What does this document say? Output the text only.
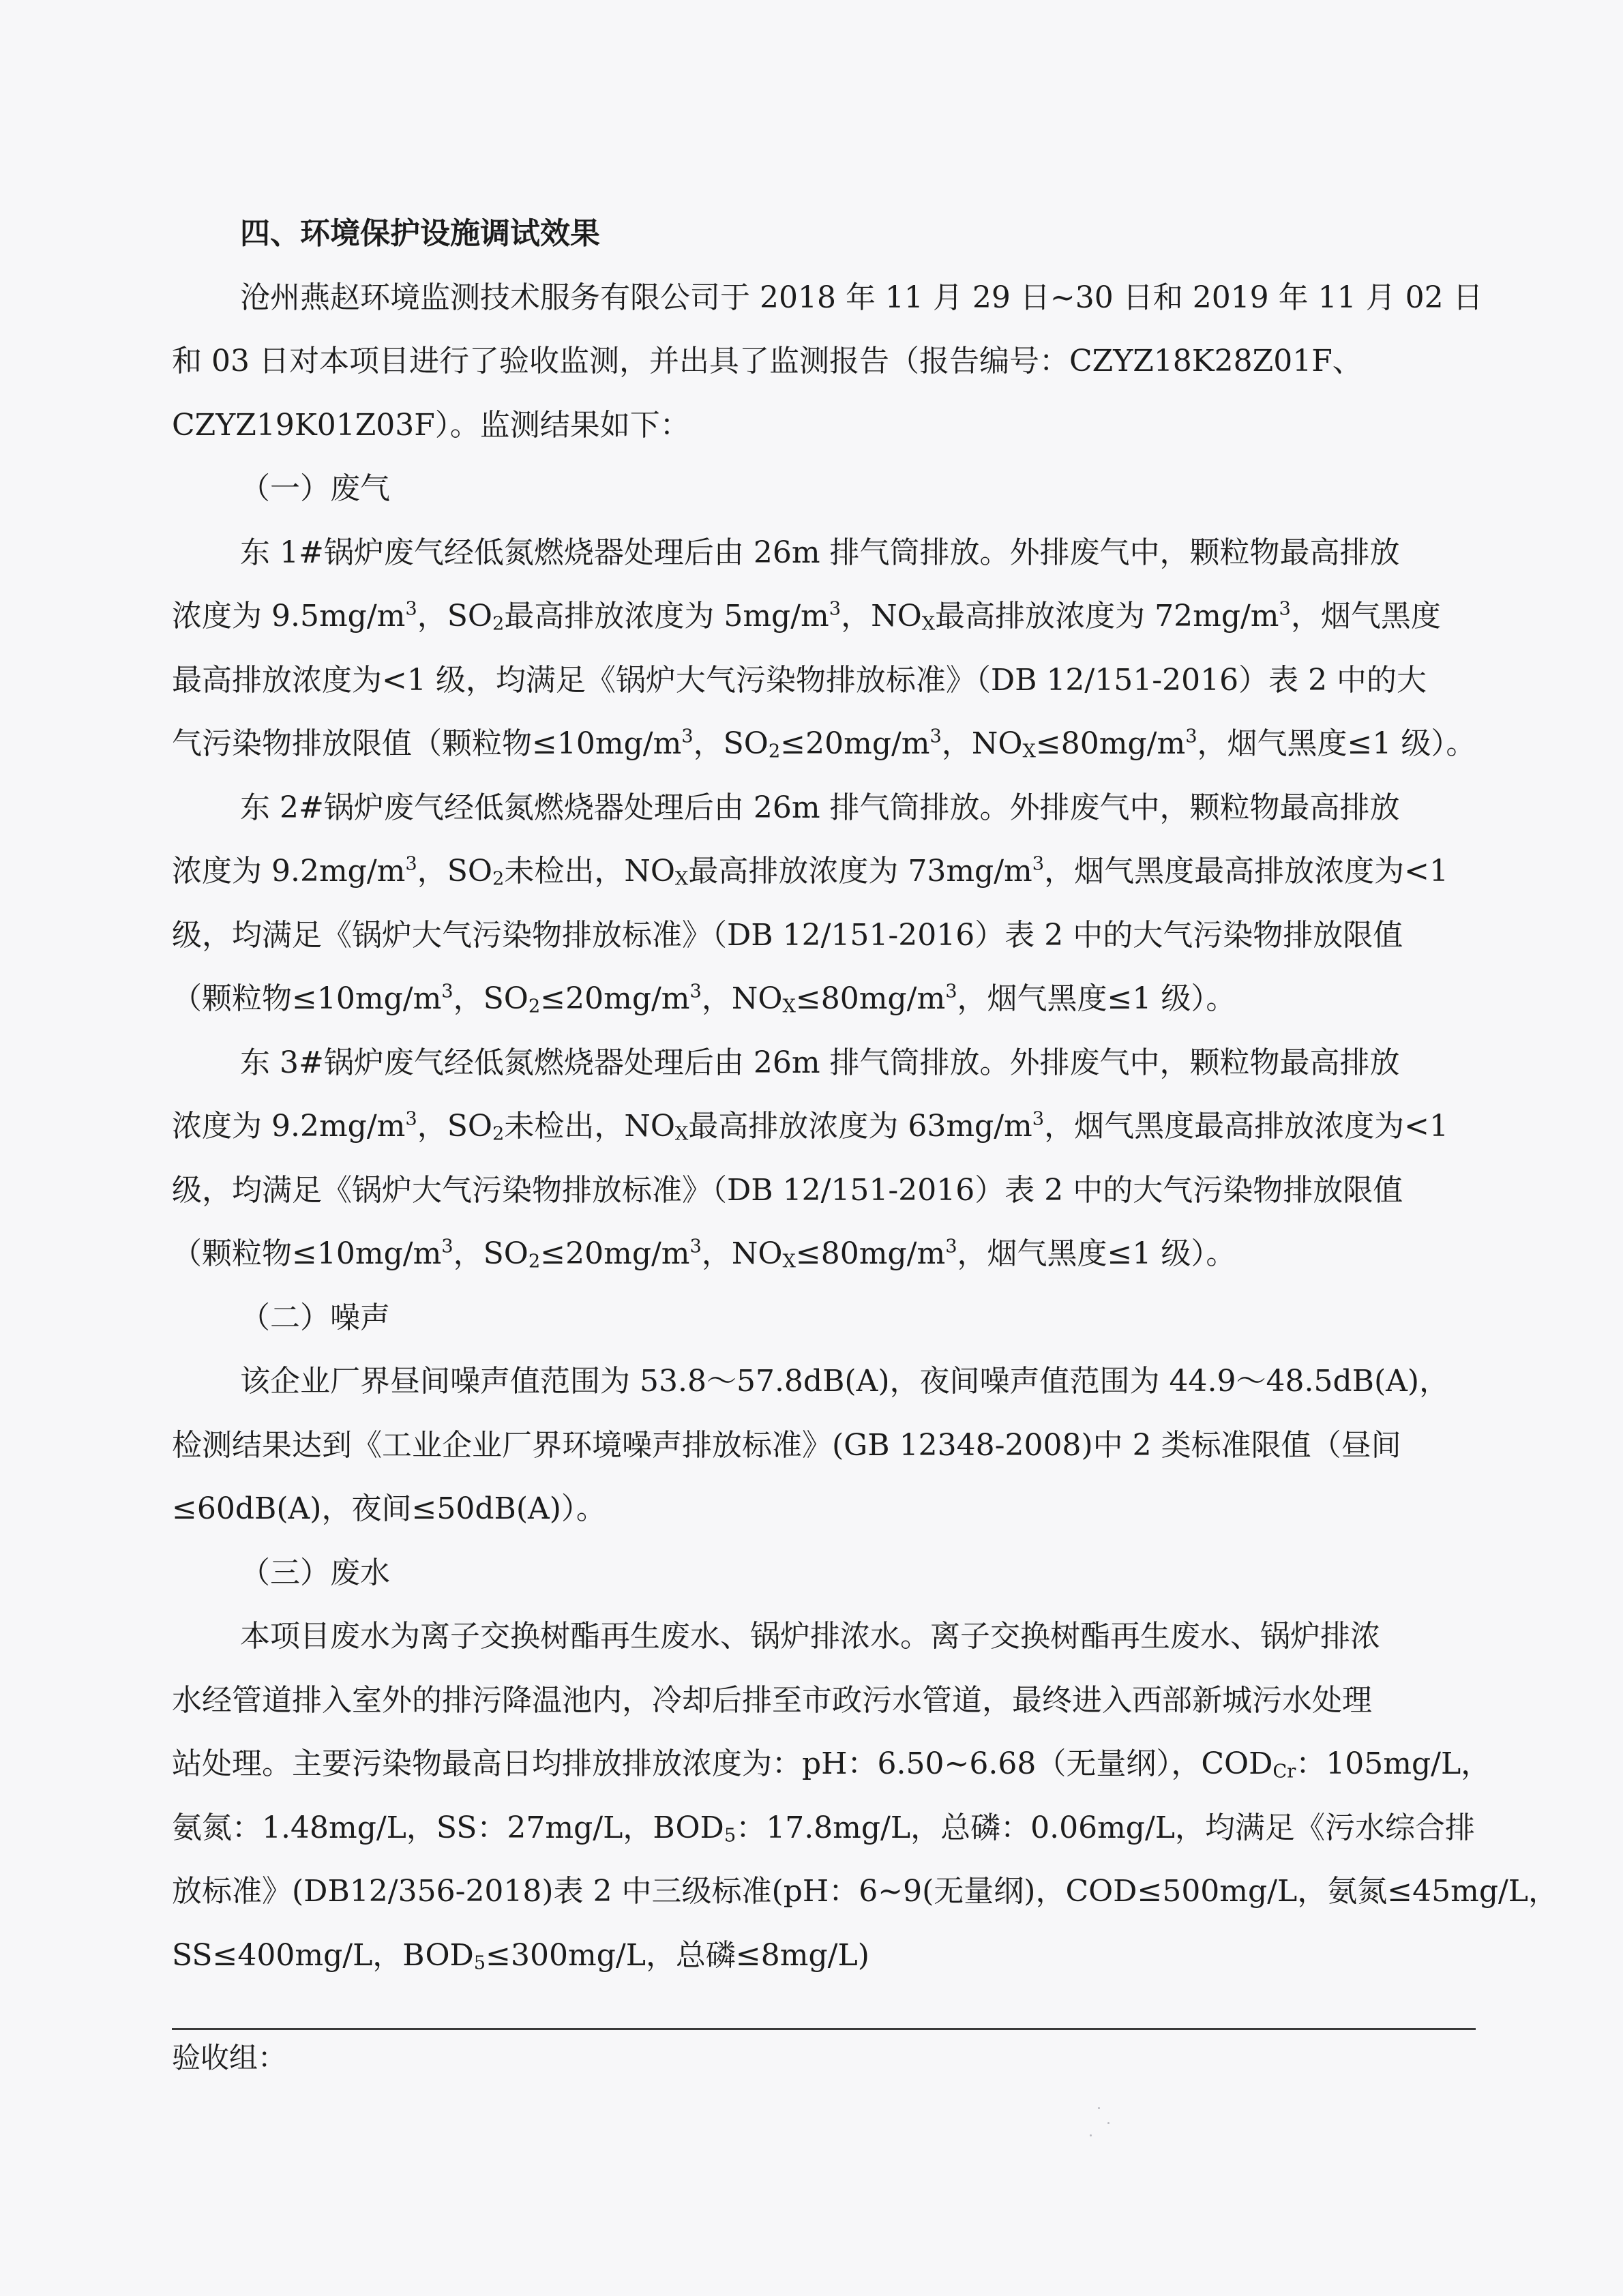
四、环境保护设施调试效果
沧州燕赵环境监测技术服务有限公司于 2018 年 11 月 29 日~30 日和 2019 年 11 月 02 日
和 03 日对本项目进行了验收监测，并出具了监测报告（报告编号：CZYZ18K28Z01F、
CZYZ19K01Z03F）。监测结果如下：
（一）废气
东 1#锅炉废气经低氮燃烧器处理后由 26m 排气筒排放。外排废气中，颗粒物最高排放
浓度为 $9.5mg/m^3$，$SO_2$最高排放浓度为 $5mg/m^3$，$NO_X$最高排放浓度为 $72mg/m^3$，烟气黑度
最高排放浓度为<1 级，均满足《锅炉大气污染物排放标准》（DB 12/151-2016）表 2 中的大
气污染物排放限值（颗粒物$\le 10mg/m^3$，$SO_2\le 20mg/m^3$，$NO_X\le 80mg/m^3$，烟气黑度≤1 级）。
东 2#锅炉废气经低氮燃烧器处理后由 26m 排气筒排放。外排废气中，颗粒物最高排放
浓度为 $9.2mg/m^3$，$SO_2$未检出，$NO_X$最高排放浓度为 $73mg/m^3$，烟气黑度最高排放浓度为<1
级，均满足《锅炉大气污染物排放标准》（DB 12/151-2016）表 2 中的大气污染物排放限值
（颗粒物$\le 10mg/m^3$，$SO_2\le 20mg/m^3$，$NO_X\le 80mg/m^3$，烟气黑度≤1 级）。
东 3#锅炉废气经低氮燃烧器处理后由 26m 排气筒排放。外排废气中，颗粒物最高排放
浓度为 $9.2mg/m^3$，$SO_2$未检出，$NO_X$最高排放浓度为 $63mg/m^3$，烟气黑度最高排放浓度为<1
级，均满足《锅炉大气污染物排放标准》（DB 12/151-2016）表 2 中的大气污染物排放限值
（颗粒物$\le 10mg/m^3$，$SO_2\le 20mg/m^3$，$NO_X\le 80mg/m^3$，烟气黑度≤1 级）。
（二）噪声
该企业厂界昼间噪声值范围为 53.8～57.8dB(A)，夜间噪声值范围为 44.9～48.5dB(A)，
检测结果达到《工业企业厂界环境噪声排放标准》(GB 12348-2008)中 2 类标准限值（昼间
≤60dB(A)，夜间≤50dB(A)）。
（三）废水
本项目废水为离子交换树酯再生废水、锅炉排浓水。离子交换树酯再生废水、锅炉排浓
水经管道排入室外的排污降温池内，冷却后排至市政污水管道，最终进入西部新城污水处理
站处理。主要污染物最高日均排放排放浓度为：pH：6.50~6.68（无量纲），$COD_{Cr}$：105mg/L，
氨氮：1.48mg/L，SS：27mg/L，$BOD_5$：17.8mg/L，总磷：0.06mg/L，均满足《污水综合排
放标准》(DB12/356-2018)表 2 中三级标准(pH：6~9(无量纲)，COD≤500mg/L，氨氮≤45mg/L，
SS≤400mg/L，$BOD_5\le 300mg/L$，总磷≤8mg/L)
验收组：
